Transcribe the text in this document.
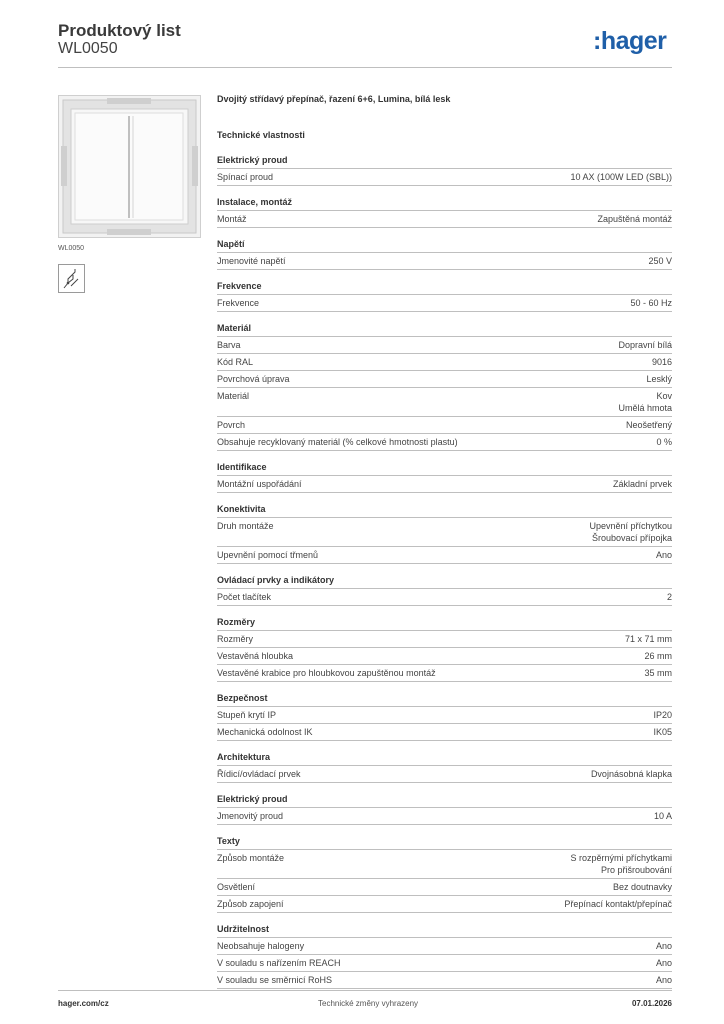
Produktový list
WL0050	:hager
WL0050
Dvojitý střídavý přepínač, řazení 6+6, Lumina, bílá lesk
Technické vlastnosti
Elektrický proud
Spínací proud	10 AX (100W LED (SBL))
Instalace, montáž
Montáž	Zapuštěná montáž
Napětí
Jmenovité napětí	250 V
Frekvence
Frekvence	50 - 60 Hz
Materiál
Barva	Dopravní bílá
Kód RAL	9016
Povrchová úprava	Lesklý
Materiál	Kov
Umělá hmota
Povrch	Neošetřený
Obsahuje recyklovaný materiál (% celkové hmotnosti plastu)	0 %
Identifikace
Montážní uspořádání	Základní prvek
Konektivita
Druh montáže	Upevnění příchytkou
Šroubovací přípojka
Upevnění pomocí třmenů	Ano
Ovládací prvky a indikátory
Počet tlačítek	2
Rozměry
Rozměry	71 x 71 mm
Vestavěná hloubka	26 mm
Vestavěné krabice pro hloubkovou zapuštěnou montáž	35 mm
Bezpečnost
Stupeň krytí IP	IP20
Mechanická odolnost IK	IK05
Architektura
Řídicí/ovládací prvek	Dvojnásobná klapka
Elektrický proud
Jmenovitý proud	10 A
Texty
Způsob montáže	S rozpěrnými příchytkami
Pro přišroubování
Osvětlení	Bez doutnavky
Způsob zapojení	Přepínací kontakt/přepínač
Udržitelnost
Neobsahuje halogeny	Ano
V souladu s nařízením REACH	Ano
V souladu se směrnicí RoHS	Ano
hager.com/cz	Technické změny vyhrazeny	07.01.2026
